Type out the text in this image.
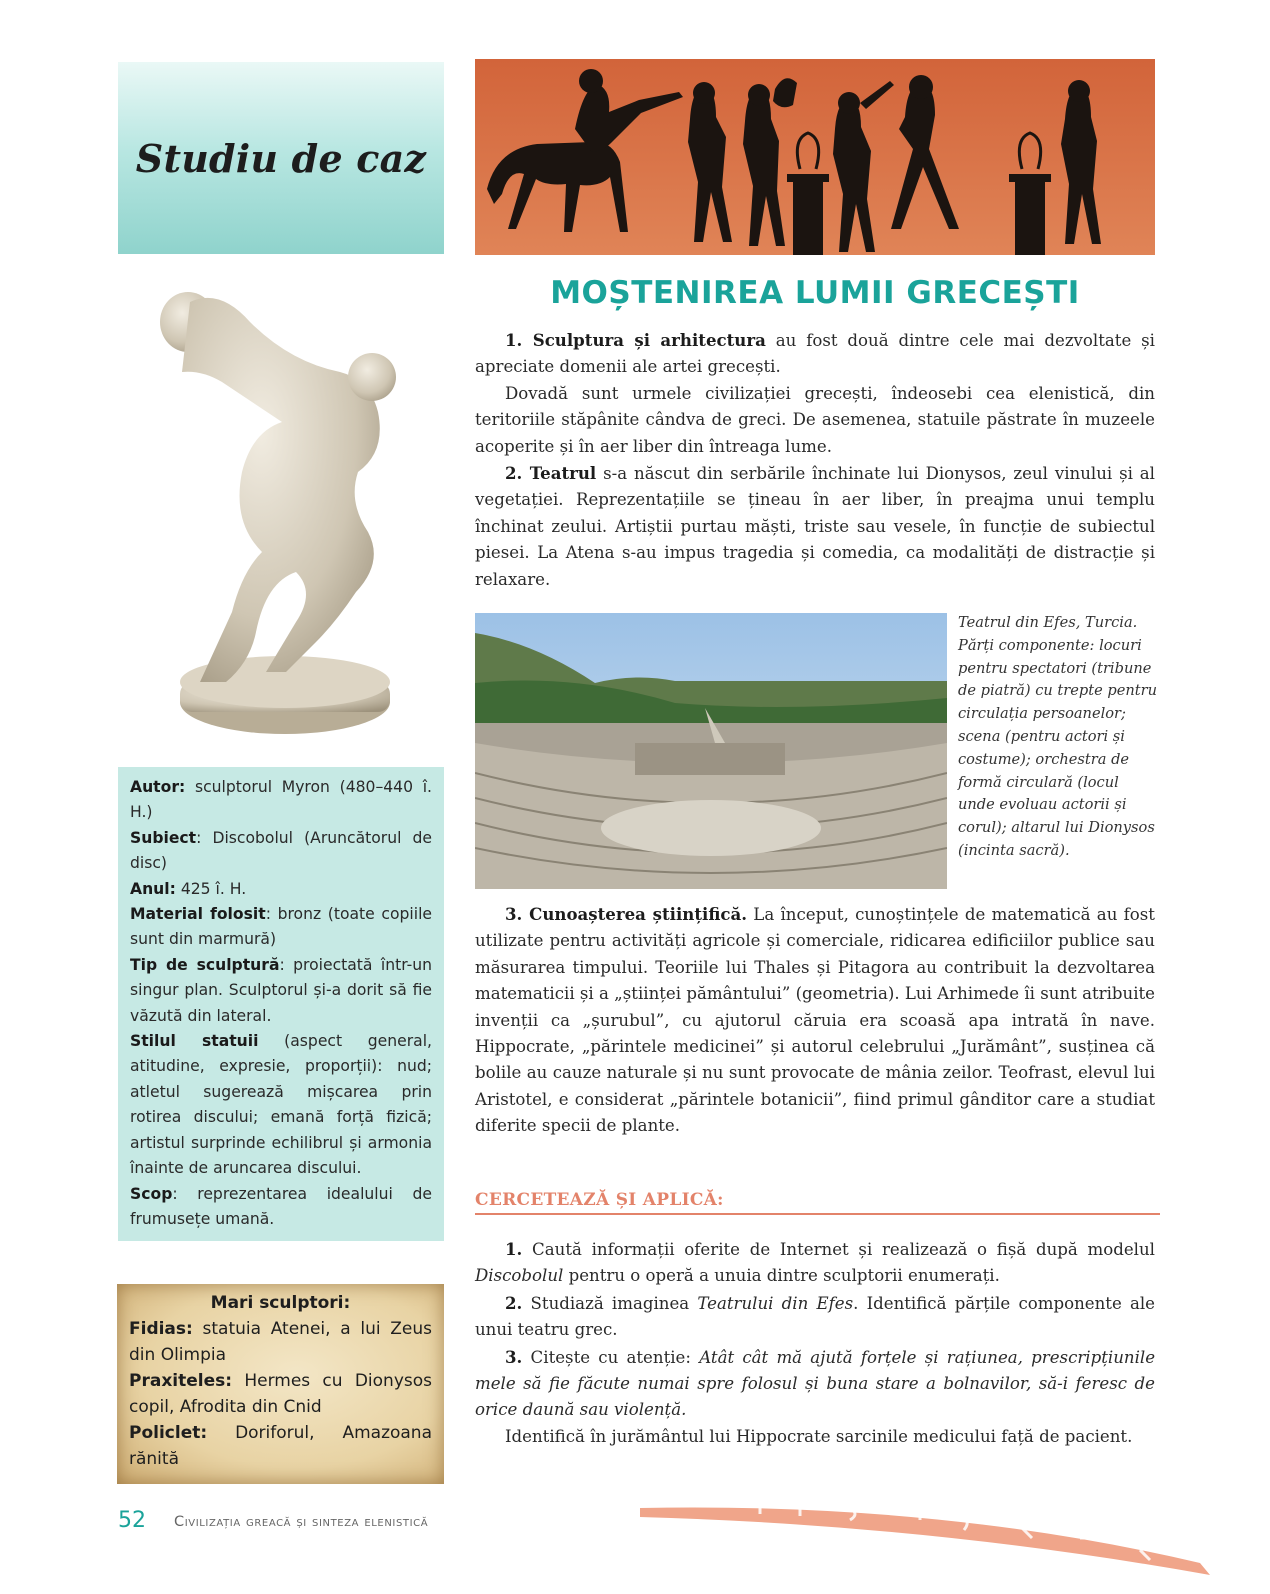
Studiu de caz

Autor: sculptorul Myron (480–440 î. H.)

Subiect: Discobolul (Aruncătorul de disc)

Anul: 425 î. H.

Material folosit: bronz (toate copiile sunt din marmură)

Tip de sculptură: proiectată într-un singur plan. Sculptorul și-a dorit să fie văzută din lateral.

Stilul statuii (aspect general, atitudine, expresie, proporții): nud; atletul sugerează mișcarea prin rotirea discului; emană forță fizică; artistul surprinde echilibrul și armonia înainte de aruncarea discului.

Scop: reprezentarea idealului de frumusețe umană.

Mari sculptori:

Fidias: statuia Atenei, a lui Zeus din Olimpia

Praxiteles: Hermes cu Dionysos copil, Afrodita din Cnid

Policlet: Doriforul, Amazoana rănită

MOȘTENIREA LUMII GRECEȘTI

1. Sculptura și arhitectura au fost două dintre cele mai dezvoltate și apreciate domenii ale artei grecești.

Dovadă sunt urmele civilizației grecești, îndeosebi cea elenistică, din teritoriile stăpânite cândva de greci. De asemenea, statuile păstrate în muzeele acoperite și în aer liber din întreaga lume.

2. Teatrul s-a născut din serbările închinate lui Dionysos, zeul vinului și al vegetației. Reprezentațiile se țineau în aer liber, în preajma unui templu închinat zeului. Artiștii purtau măști, triste sau vesele, în funcție de subiectul piesei. La Atena s-au impus tragedia și comedia, ca modalități de distracție și relaxare.

Teatrul din Efes, Turcia. Părți componente: locuri pentru spectatori (tribune de piatră) cu trepte pentru circulația persoanelor; scena (pentru actori și costume); orchestra de formă circulară (locul unde evoluau actorii și corul); altarul lui Dionysos (incinta sacră).

3. Cunoașterea științifică. La început, cunoștințele de matematică au fost utilizate pentru activități agricole și comerciale, ridicarea edificiilor publice sau măsurarea timpului. Teoriile lui Thales și Pitagora au contribuit la dezvoltarea matematicii și a „științei pământului” (geometria). Lui Arhimede îi sunt atribuite invenții ca „șurubul”, cu ajutorul căruia era scoasă apa intrată în nave. Hippocrate, „părintele medicinei” și autorul celebrului „Jurământ”, susținea că bolile au cauze naturale și nu sunt provocate de mânia zeilor. Teofrast, elevul lui Aristotel, e considerat „părintele botanicii”, fiind primul gânditor care a studiat diferite specii de plante.

CERCETEAZĂ ȘI APLICĂ:

1. Caută informații oferite de Internet și realizează o fișă după modelul Discobolul pentru o operă a unuia dintre sculptorii enumerați.

2. Studiază imaginea Teatrului din Efes. Identifică părțile componente ale unui teatru grec.

3. Citește cu atenție: Atât cât mă ajută forțele și rațiunea, prescripțiunile mele să fie făcute numai spre folosul și buna stare a bolnavilor, să-i feresc de orice daună sau violență.

Identifică în jurământul lui Hippocrate sarcinile medicului față de pacient.

52 Civilizația greacă și sinteza elenistică
